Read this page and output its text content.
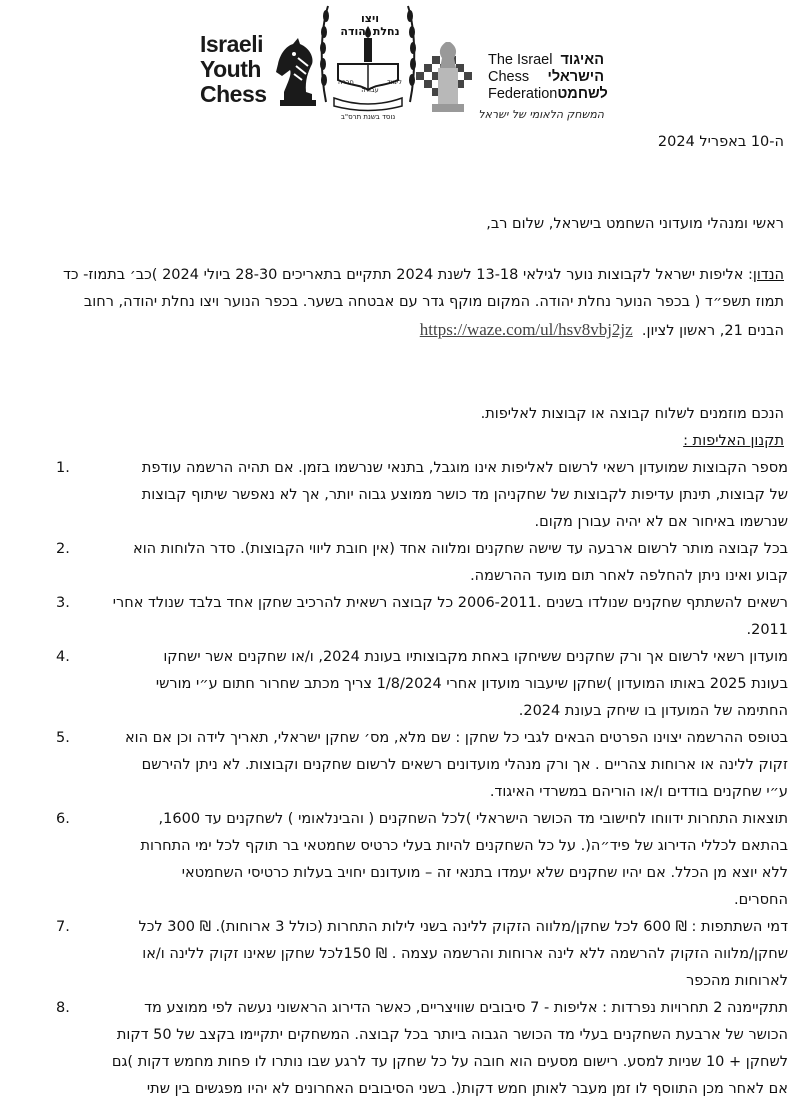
Israeli
Youth
Chess
ויצו
נחלת יהודה
לימוד
חברה
עבודה
נוסד בשנת תרס"ב
The Israel האיגוד
Chess הישראלי
Federation לשחמט
המשחק הלאומי של ישראל
ה-10 באפריל 2024
ראשי ומנהלי מועדוני השחמט בישראל, שלום רב,
הנדון: אליפות ישראל לקבוצות נוער לגילאי 13-18 לשנת 2024 תתקיים בתאריכים 28-30 ביולי 2024 )כב׳ בתמוז- כד
תמוז תשפ״ד ( בכפר הנוער נחלת יהודה. המקום מוקף גדר עם אבטחה בשער. בכפר הנוער ויצו נחלת יהודה, רחוב
הבנים 21, ראשון לציון.  https://waze.com/ul/hsv8vbj2jz
הנכם מוזמנים לשלוח קבוצה או קבוצות לאליפות.
תקנון האליפות :
מספר הקבוצות שמועדון רשאי לרשום לאליפות אינו מוגבל, בתנאי שנרשמו בזמן. אם תהיה הרשמה עודפת
של קבוצות, תינתן עדיפות לקבוצות של שחקניהן מד כושר ממוצע גבוה יותר, אך לא נאפשר שיתוף קבוצות
שנרשמו באיחור אם לא יהיה עבורן מקום.
1.
בכל קבוצה מותר לרשום ארבעה עד שישה שחקנים ומלווה אחד (אין חובת ליווי הקבוצות). סדר הלוחות הוא
קבוע ואינו ניתן להחלפה לאחר תום מועד ההרשמה.
2.
רשאים להשתתף שחקנים שנולדו בשנים .2006-2011 כל קבוצה רשאית להרכיב שחקן אחד בלבד שנולד אחרי
2011.
3.
מועדון רשאי לרשום אך ורק שחקנים ששיחקו באחת מקבוצותיו בעונת 2024, ו/או שחקנים אשר ישחקו
בעונת 2025 באותו המועדון )שחקן שיעבור מועדון אחרי 1/8/2024 צריך מכתב שחרור חתום ע״י מורשי
החתימה של המועדון בו שיחק בעונת 2024.
4.
בטופס ההרשמה יצוינו הפרטים הבאים לגבי כל שחקן : שם מלא, מס׳ שחקן ישראלי, תאריך לידה וכן אם הוא
זקוק ללינה או ארוחות צהריים . אך ורק מנהלי מועדונים רשאים לרשום שחקנים וקבוצות. לא ניתן להירשם
ע״י שחקנים בודדים ו/או הוריהם במשרדי האיגוד.
5.
תוצאות התחרות ידווחו לחישובי מד הכושר הישראלי )לכל השחקנים ( והבינלאומי ) לשחקנים עד 1600,
בהתאם לכללי הדירוג של פיד״ה(. על כל השחקנים להיות בעלי כרטיס שחמטאי בר תוקף לכל ימי התחרות
ללא יוצא מן הכלל. אם יהיו שחקנים שלא יעמדו בתנאי זה – מועדונם יחויב בעלות כרטיסי השחמטאי
החסרים.
6.
דמי השתתפות : ₪ 600 לכל שחקן/מלווה הזקוק ללינה בשני לילות התחרות (כולל 3 ארוחות). ₪ 300 לכל
שחקן/מלווה הזקוק להרשמה ללא לינה ארוחות והרשמה עצמה . ₪ 150לכל שחקן שאינו זקוק ללינה ו/או
לארוחות מהכפר
7.
תתקיימנה 2 תחרויות נפרדות : אליפות - 7 סיבובים שוויצריים, כאשר הדירוג הראשוני נעשה לפי ממוצע מד
הכושר של ארבעת השחקנים בעלי מד הכושר הגבוה ביותר בכל קבוצה. המשחקים יתקיימו בקצב של 50 דקות
לשחקן + 10 שניות למסע. רישום מסעים הוא חובה על כל שחקן עד לרגע שבו נותרו לו פחות מחמש דקות )גם
אם לאחר מכן התווסף לו זמן מעבר לאותן חמש דקות(. בשני הסיבובים האחרונים לא יהיו מפגשים בין שתי
8.
